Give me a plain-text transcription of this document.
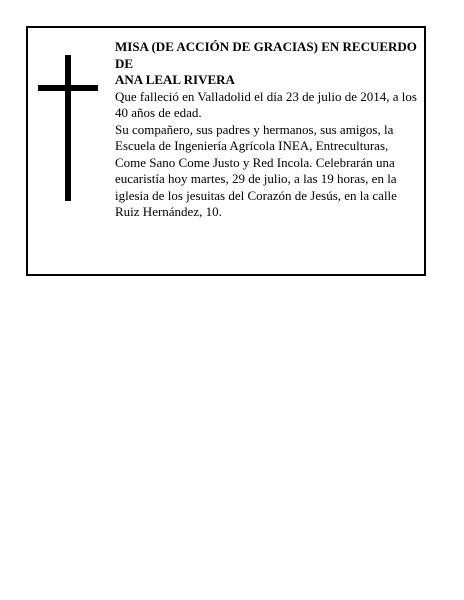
MISA (DE ACCIÓN DE GRACIAS) EN RECUERDO DE

ANA LEAL RIVERA

Que falleció en Valladolid el día 23 de julio de 2014, a los 40 años de edad.

Su compañero, sus padres y hermanos, sus amigos, la Escuela de Ingeniería Agrícola INEA, Entreculturas, Come Sano Come Justo y Red Incola. Celebrarán una eucaristía hoy martes, 29 de julio, a las 19 horas, en la iglesia de los jesuitas del Corazón de Jesús, en la calle Ruiz Hernández, 10.
